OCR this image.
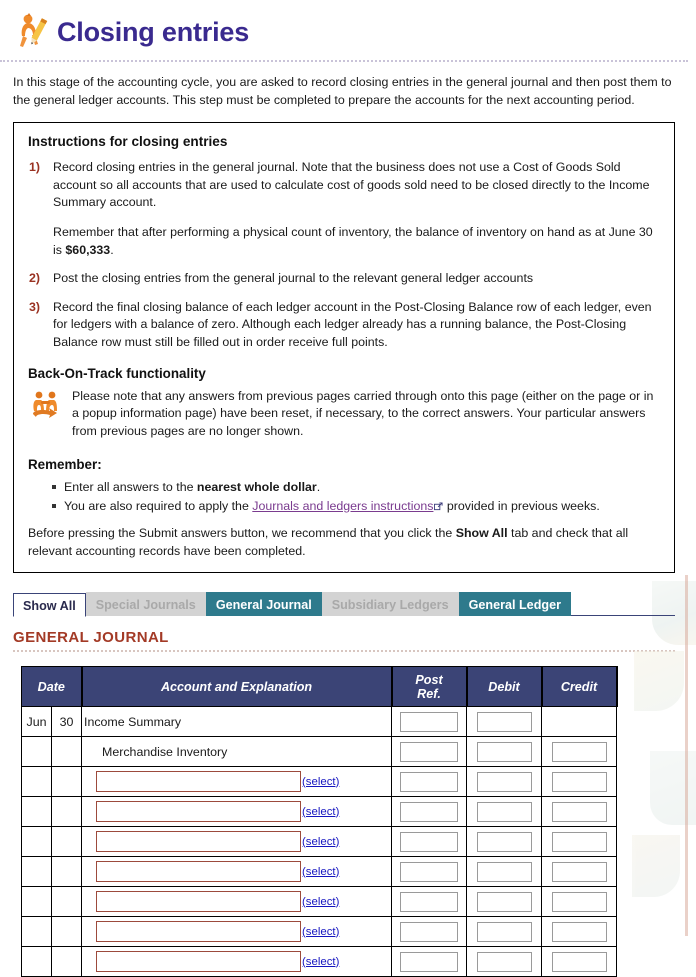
Closing entries
In this stage of the accounting cycle, you are asked to record closing entries in the general journal and then post them to the general ledger accounts. This step must be completed to prepare the accounts for the next accounting period.
Instructions for closing entries
Record closing entries in the general journal. Note that the business does not use a Cost of Goods Sold account so all accounts that are used to calculate cost of goods sold need to be closed directly to the Income Summary account.
Remember that after performing a physical count of inventory, the balance of inventory on hand as at June 30 is $60,333.
Post the closing entries from the general journal to the relevant general ledger accounts
Record the final closing balance of each ledger account in the Post-Closing Balance row of each ledger, even for ledgers with a balance of zero. Although each ledger already has a running balance, the Post-Closing Balance row must still be filled out in order receive full points.
Back-On-Track functionality
Please note that any answers from previous pages carried through onto this page (either on the page or in a popup information page) have been reset, if necessary, to the correct answers. Your particular answers from previous pages are no longer shown.
Remember:
Enter all answers to the nearest whole dollar.
You are also required to apply the Journals and ledgers instructions provided in previous weeks.
Before pressing the Submit answers button, we recommend that you click the Show All tab and check that all relevant accounting records have been completed.
Show All	Special Journals	General Journal	Subsidiary Ledgers	General Ledger
GENERAL JOURNAL
Date		Account and Explanation	Post
Ref.	Debit	Credit
Jun	30	Income Summary

		Merchandise Inventory

		(select)

		(select)

		(select)

		(select)

		(select)

		(select)

		(select)
